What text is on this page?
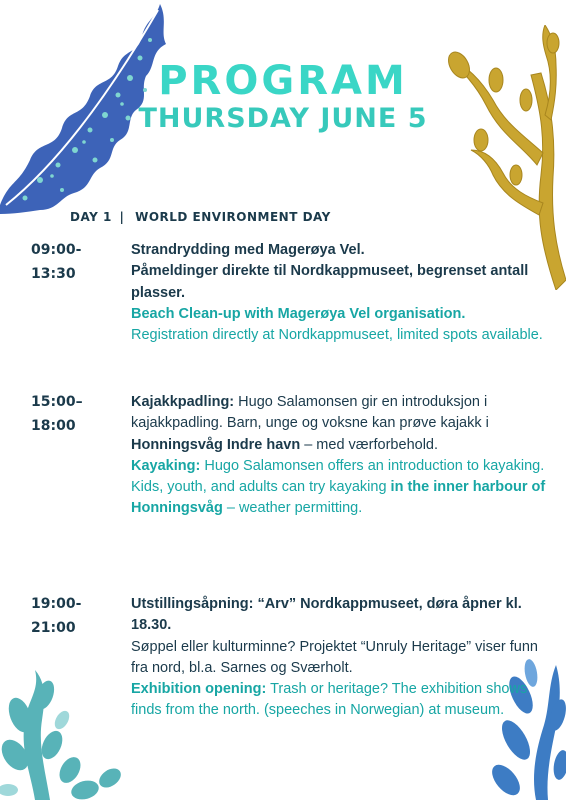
PROGRAM
THURSDAY JUNE 5
DAY 1 | WORLD ENVIRONMENT DAY
09:00-
13:30

Strandrydding med Magerøya Vel.

Påmeldinger direkte til Nordkappmuseet, begrenset antall plasser.

Beach Clean-up with Magerøya Vel organisation.

Registration directly at Nordkappmuseet, limited spots available.

15:00–
18:00

Kajakkpadling: Hugo Salamonsen gir en introduksjon i kajakkpadling. Barn, unge og voksne kan prøve kajakk i Honningsvåg Indre havn – med værforbehold.

Kayaking: Hugo Salamonsen offers an introduction to kayaking. Kids, youth, and adults can try kayaking in the inner harbour of Honningsvåg – weather permitting.

19:00-
21:00

Utstillingsåpning: “Arv” Nordkappmuseet, døra åpner kl. 18.30.

Søppel eller kulturminne? Projektet “Unruly Heritage” viser funn fra nord, bl.a. Sarnes og Sværholt.

Exhibition opening: Trash or heritage? The exhibition shows finds from the north. (speeches in Norwegian) at museum.
